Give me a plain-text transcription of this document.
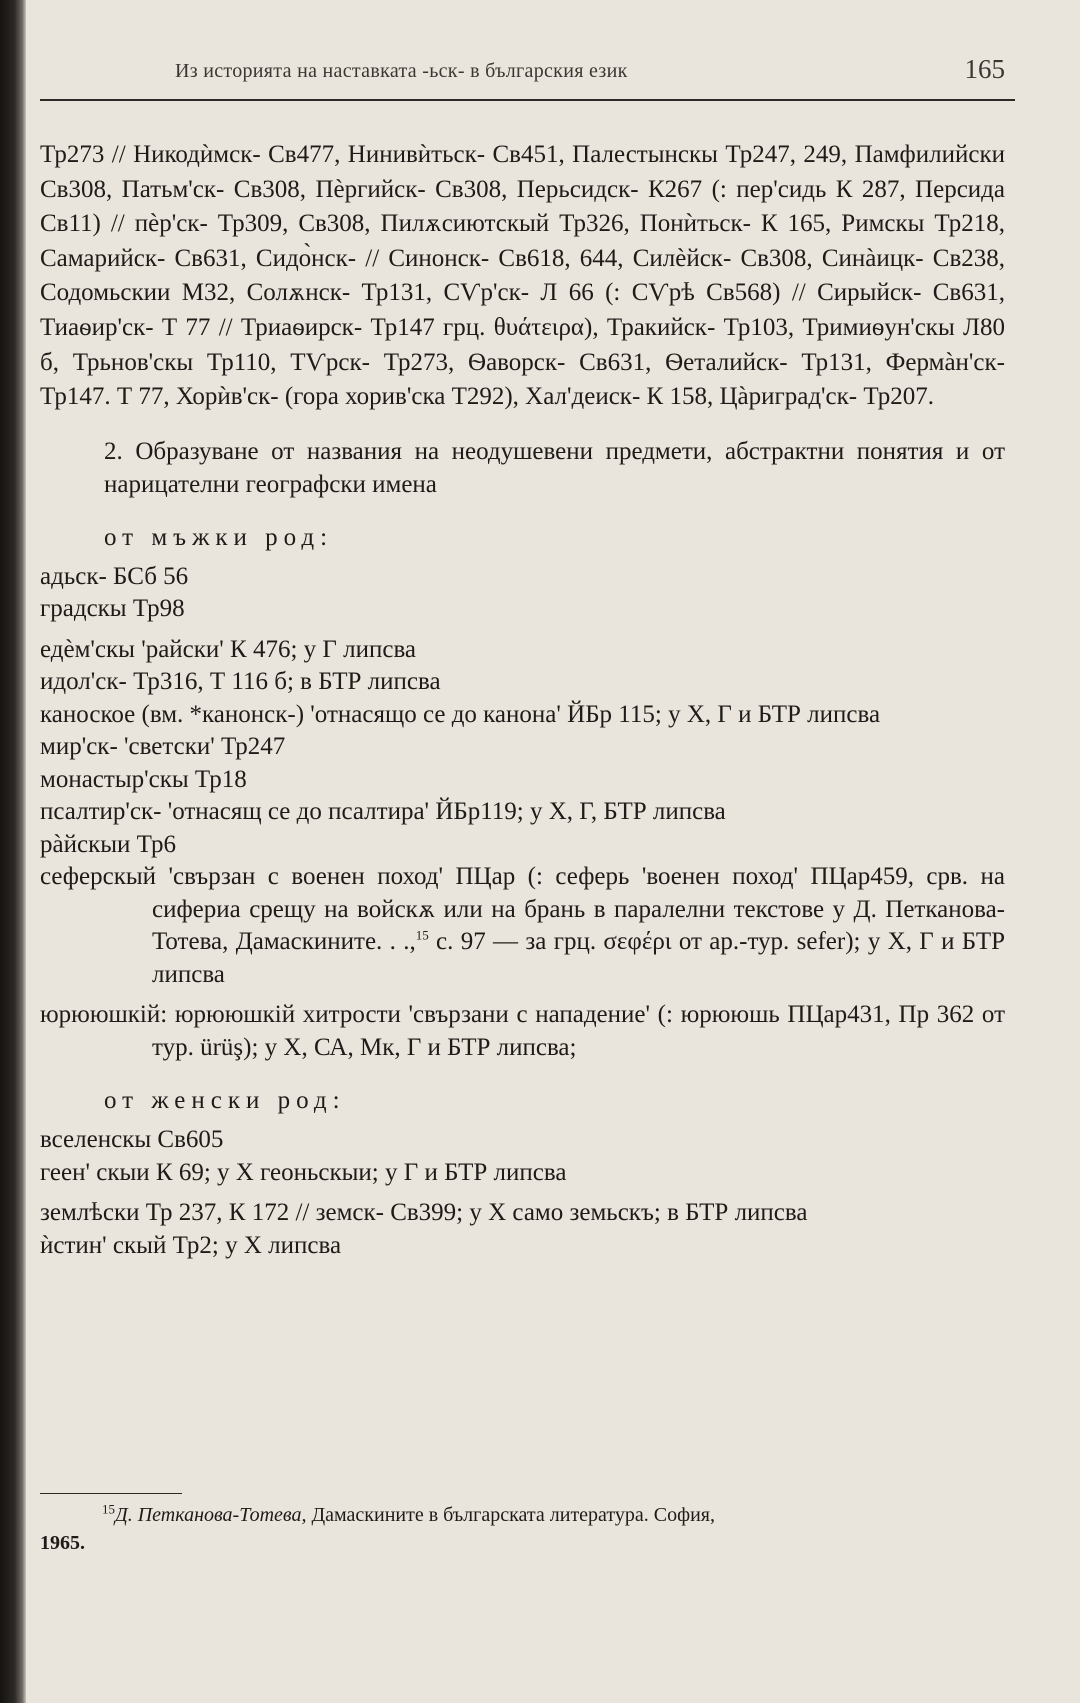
Из историята на наставката -ьск- в българския език	165

Тр273 // Никодѝмск- Св477, Нинивѝтьск- Св451, Палестынскы Тр247, 249, Памфилийски Св308, Патьм'ск- Св308, Пѐргийск- Св308, Перьсидск- К267 (: пер'сидь К 287, Персида Св11) // пѐр'ск- Тр309, Св308, Пилѫсиютскый Тр326, Понѝтьск- К 165, Римскы Тр218, Самарийск- Св631, Сидо̀нск- // Синонск- Св618, 644, Силѐйск- Св308, Синàицк- Св238, Содомьскии М32, Солѫнск- Тр131, СѴр'ск- Л 66 (: СѴрѣ Св568) // Сирыйск- Св631, Тиаѳир'ск- Т 77 // Триаѳирск- Тр147 грц. θυάτειρα), Тракийск- Тр103, Тримиѳун'скы Л80 б, Трьнов'скы Тр110, ТѴрск- Тр273, Ѳаворск- Св631, Ѳеталийск- Тр131, Фермàн'ск- Тр147. Т 77, Хорѝв'ск- (гора хорив'ска Т292), Хал'деиск- К 158, Цàриград'ск- Тр207.

2. Образуване от названия на неодушевени предмети, абстрактни понятия и от нарицателни географски имена

от мъжки род:

адьск- БСб 56

градскы Тр98

едѐм'скы 'райски' К 476; у Г липсва

идол'ск- Тр316, Т 116 б; в БТР липсва

каноское (вм. *канонск-) 'отнасящо се до канона' ЙБр 115; у Х, Г и БТР липсва

мир'ск- 'светски' Тр247

монастыр'скы Тр18

псалтир'ск- 'отнасящ се до псалтира' ЙБр119; у Х, Г, БТР липсва

рàйскыи Тр6

сеферскый 'свързан с военен поход' ПЦар (: сеферь 'военен поход' ПЦар459, срв. на сифериа срещу на войскѫ или на брань в паралелни текстове у Д. Петканова-Тотева, Дамаскините. . .,$^{15}$ с. 97 — за грц. σεφέρι от ар.-тур. sefer); у Х, Г и БТР липсва

юрююшкій: юрююшкій хитрости 'свързани с нападение' (: юрююшь ПЦар431, Пр 362 от тур. ürüş); у Х, СА, Мк, Г и БТР липсва;

от женски род:

вселенскы Св605

геен' скыи К 69; у Х геоньскыи; у Г и БТР липсва

землѣски Тр 237, К 172 // земск- Св399; у Х само земьскъ; в БТР липсва

ѝстин' скый Тр2; у Х липсва

$^{15}$Д. Петканова-Тотева, Дамаскините в българската литература. София,
1965.
